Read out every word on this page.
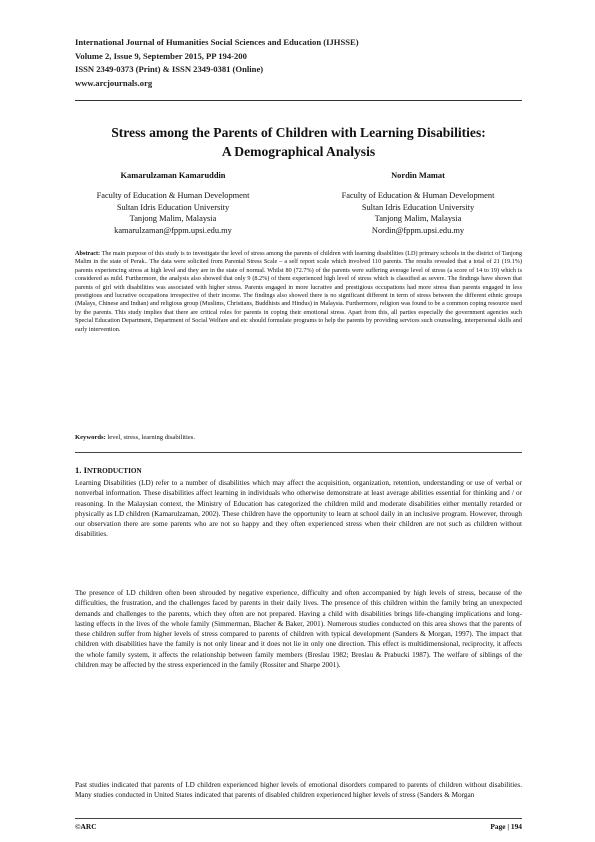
International Journal of Humanities Social Sciences and Education (IJHSSE)
Volume 2, Issue 9, September 2015, PP 194-200
ISSN 2349-0373 (Print) & ISSN 2349-0381 (Online)
www.arcjournals.org
Stress among the Parents of Children with Learning Disabilities:
A Demographical Analysis
Kamarulzaman Kamaruddin
Faculty of Education & Human Development
Sultan Idris Education University
Tanjong Malim, Malaysia
kamarulzaman@fppm.upsi.edu.my
Nordin Mamat
Faculty of Education & Human Development
Sultan Idris Education University
Tanjong Malim, Malaysia
Nordin@fppm.upsi.edu.my
Abstract: The main purpose of this study is to investigate the level of stress among the parents of children with learning disabilities (LD) primary schools in the district of Tanjong Malim in the state of Perak.. The data were solicited from Parental Stress Scale – a self report scale which involved 110 parents. The results revealed that a total of 21 (19.1%) parents experiencing stress at high level and they are in the state of normal. Whilst 80 (72.7%) of the parents were suffering average level of stress (a score of 14 to 19) which is considered as mild. Furthermore, the analysis also showed that only 9 (8.2%) of them experienced high level of stress which is classified as severe. The findings have shown that parents of girl with disabilities was associated with higher stress. Parents engaged in more lucrative and prestigious occupations had more stress than parents engaged in less prestigious and lucrative occupations irrespective of their income. The findings also showed there is no significant different in term of stress between the different ethnic groups (Malays, Chinese and Indian) and religious group (Muslims, Christians, Buddhists and Hindus) in Malaysia. Furthermore, religion was found to be a common coping resource used by the parents. This study implies that there are critical roles for parents in coping their emotional stress. Apart from this, all parties especially the government agencies such Special Education Department, Department of Social Welfare and etc should formulate programs to help the parents by providing services such counseling, interpersonal skills and early intervention.
Keywords: level, stress, learning disabilities.
1. INTRODUCTION
Learning Disabilities (LD) refer to a number of disabilities which may affect the acquisition, organization, retention, understanding or use of verbal or nonverbal information. These disabilities affect learning in individuals who otherwise demonstrate at least average abilities essential for thinking and / or reasoning. In the Malaysian context, the Ministry of Education has categorized the children mild and moderate disabilities either mentally retarded or physically as LD children (Kamarulzaman, 2002). These children have the opportunity to learn at school daily in an inclusive program. However, through our observation there are some parents who are not so happy and they often experienced stress when their children are not such as children without disabilities.
The presence of LD children often been shrouded by negative experience, difficulty and often accompanied by high levels of stress, because of the difficulties, the frustration, and the challenges faced by parents in their daily lives. The presence of this children within the family bring an unexpected demands and challenges to the parents, which they often are not prepared. Having a child with disabilities brings life-changing implications and long-lasting effects in the lives of the whole family (Simmerman, Blacher & Baker, 2001). Numerous studies conducted on this area shows that the parents of these children suffer from higher levels of stress compared to parents of children with typical development (Sanders & Morgan, 1997). The impact that children with disabilities have the family is not only linear and it does not lie in only one direction. This effect is multidimensional, reciprocity, it affects the whole family system, it affects the relationship between family members (Breslau 1982; Breslau & Prabucki 1987). The welfare of siblings of the children may be affected by the stress experienced in the family (Rossiter and Sharpe 2001).
Past studies indicated that parents of LD children experienced higher levels of emotional disorders compared to parents of children without disabilities. Many studies conducted in United States indicated that parents of disabled children experienced higher levels of stress (Sanders & Morgan
©ARC	Page | 194
